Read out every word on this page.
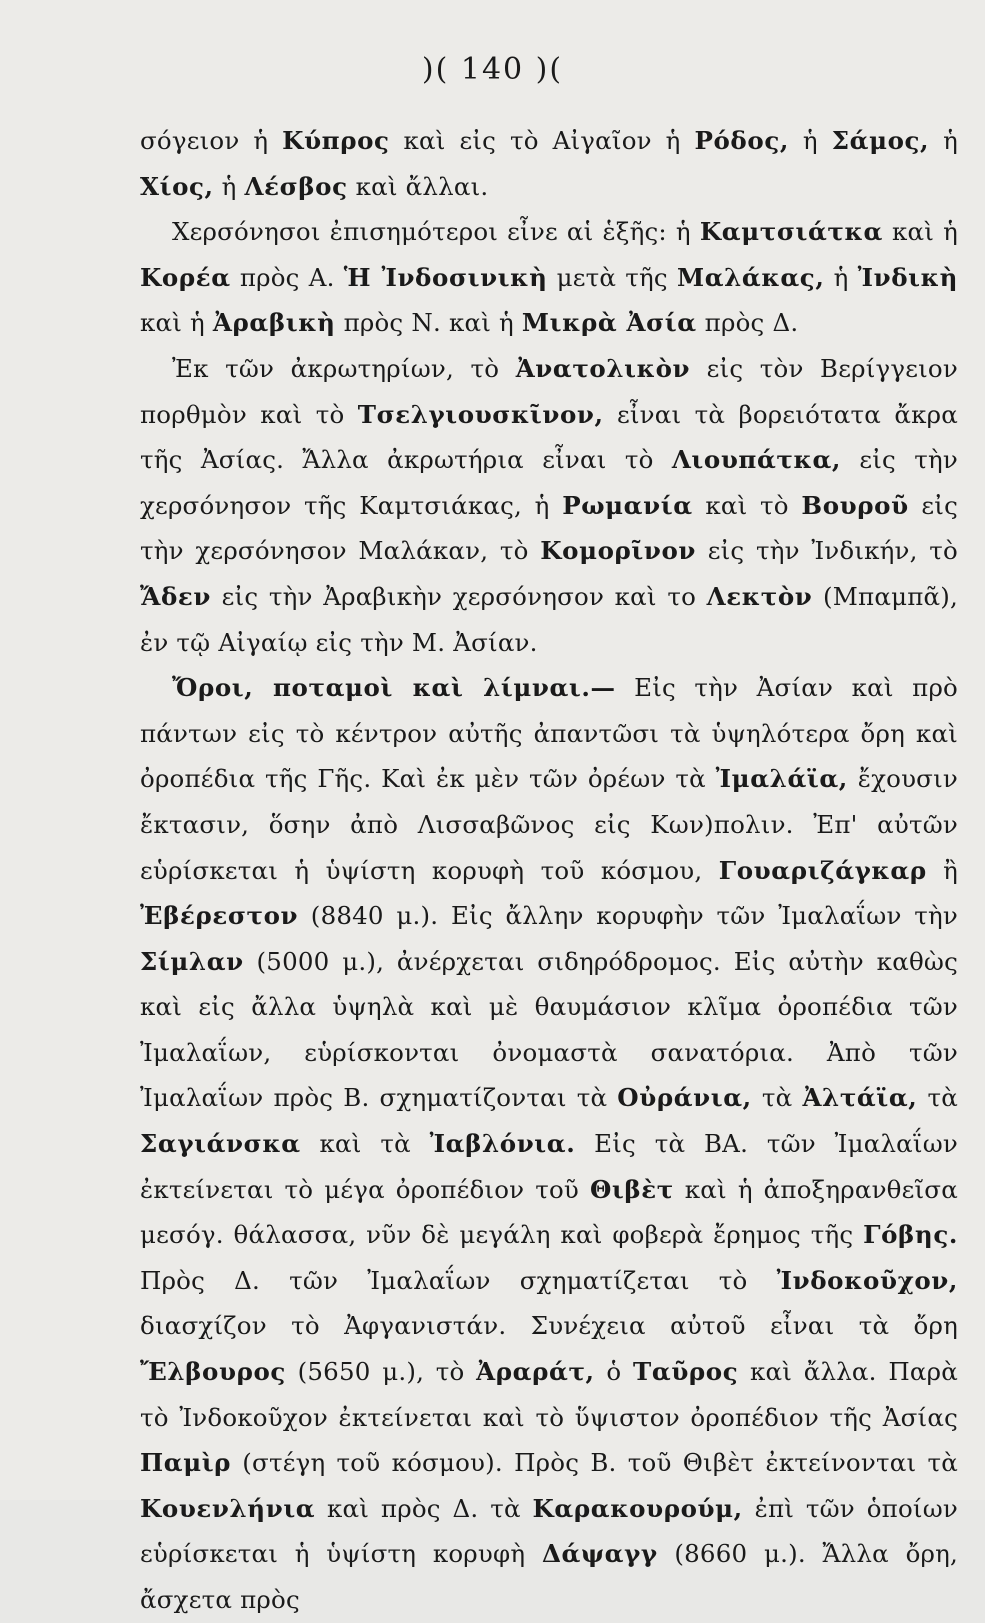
)( 140 )(

σόγειον ἡ Κύπρος καὶ εἰς τὸ Αἰγαῖον ἡ Ρόδος, ἡ Σάμος, ἡ Χίος, ἡ Λέσβος καὶ ἄλλαι.

Χερσόνησοι ἐπισημότεροι εἶνε αἱ ἑξῆς: ἡ Καμτσιάτκα καὶ ἡ Κορέα πρὸς Α. Ἡ Ἰνδοσινικὴ μετὰ τῆς Μαλάκας, ἡ Ἰνδικὴ καὶ ἡ Ἀραβικὴ πρὸς Ν. καὶ ἡ Μικρὰ Ἀσία πρὸς Δ.

Ἐκ τῶν ἀκρωτηρίων, τὸ Ἀνατολικὸν εἰς τὸν Βερίγγειον πορθμὸν καὶ τὸ Τσελγιουσκῖνον, εἶναι τὰ βορειότατα ἄκρα τῆς Ἀσίας. Ἄλλα ἀκρωτήρια εἶναι τὸ Λιουπάτκα, εἰς τὴν χερσόνησον τῆς Καμτσιάκας, ἡ Ρωμανία καὶ τὸ Βουροῦ εἰς τὴν χερσόνησον Μαλάκαν, τὸ Κομορῖνον εἰς τὴν Ἰνδικήν, τὸ Ἄδεν εἰς τὴν Ἀραβικὴν χερσόνησον καὶ το Λεκτὸν (Μπαμπᾶ), ἐν τῷ Αἰγαίῳ εἰς τὴν Μ. Ἀσίαν.

Ὄροι, ποταμοὶ καὶ λίμναι.— Εἰς τὴν Ἀσίαν καὶ πρὸ πάντων εἰς τὸ κέντρον αὐτῆς ἀπαντῶσι τὰ ὑψηλότερα ὄρη καὶ ὀροπέδια τῆς Γῆς. Καὶ ἐκ μὲν τῶν ὀρέων τὰ Ἰμαλάϊα, ἔχουσιν ἔκτασιν, ὅσην ἀπὸ Λισσαβῶνος εἰς Κων)πολιν. Ἐπ' αὐτῶν εὑρίσκεται ἡ ὑψίστη κορυφὴ τοῦ κόσμου, Γουαριζάγκαρ ἢ Ἐβέρεστον (8840 μ.). Εἰς ἄλλην κορυφὴν τῶν Ἰμαλαΐων τὴν Σίμλαν (5000 μ.), ἀνέρχεται σιδηρόδρομος. Εἰς αὐτὴν καθὼς καὶ εἰς ἄλλα ὑψηλὰ καὶ μὲ θαυμάσιον κλῖμα ὀροπέδια τῶν Ἰμαλαΐων, εὑρίσκονται ὀνομαστὰ σανατόρια. Ἀπὸ τῶν Ἰμαλαΐων πρὸς Β. σχηματίζονται τὰ Οὐράνια, τὰ Ἀλτάϊα, τὰ Σαγιάνσκα καὶ τὰ Ἰαβλόνια. Εἰς τὰ ΒΑ. τῶν Ἰμαλαΐων ἐκτείνεται τὸ μέγα ὀροπέδιον τοῦ Θιβὲτ καὶ ἡ ἀποξηρανθεῖσα μεσόγ. θάλασσα, νῦν δὲ μεγάλη καὶ φοβερὰ ἔρημος τῆς Γόβης. Πρὸς Δ. τῶν Ἰμαλαΐων σχηματίζεται τὸ Ἰνδοκοῦχον, διασχίζον τὸ Ἀφγανιστάν. Συνέχεια αὐτοῦ εἶναι τὰ ὄρη Ἔλβουρος (5650 μ.), τὸ Ἀραράτ, ὁ Ταῦρος καὶ ἄλλα. Παρὰ τὸ Ἰνδοκοῦχον ἐκτείνεται καὶ τὸ ὕψιστον ὀροπέδιον τῆς Ἀσίας Παμὶρ (στέγη τοῦ κόσμου). Πρὸς Β. τοῦ Θιβὲτ ἐκτείνονται τὰ Κουενλήνια καὶ πρὸς Δ. τὰ Καρακουρούμ, ἐπὶ τῶν ὁποίων εὑρίσκεται ἡ ὑψίστη κορυφὴ Δάψαγγ (8660 μ.). Ἄλλα ὄρη, ἄσχετα πρὸς
